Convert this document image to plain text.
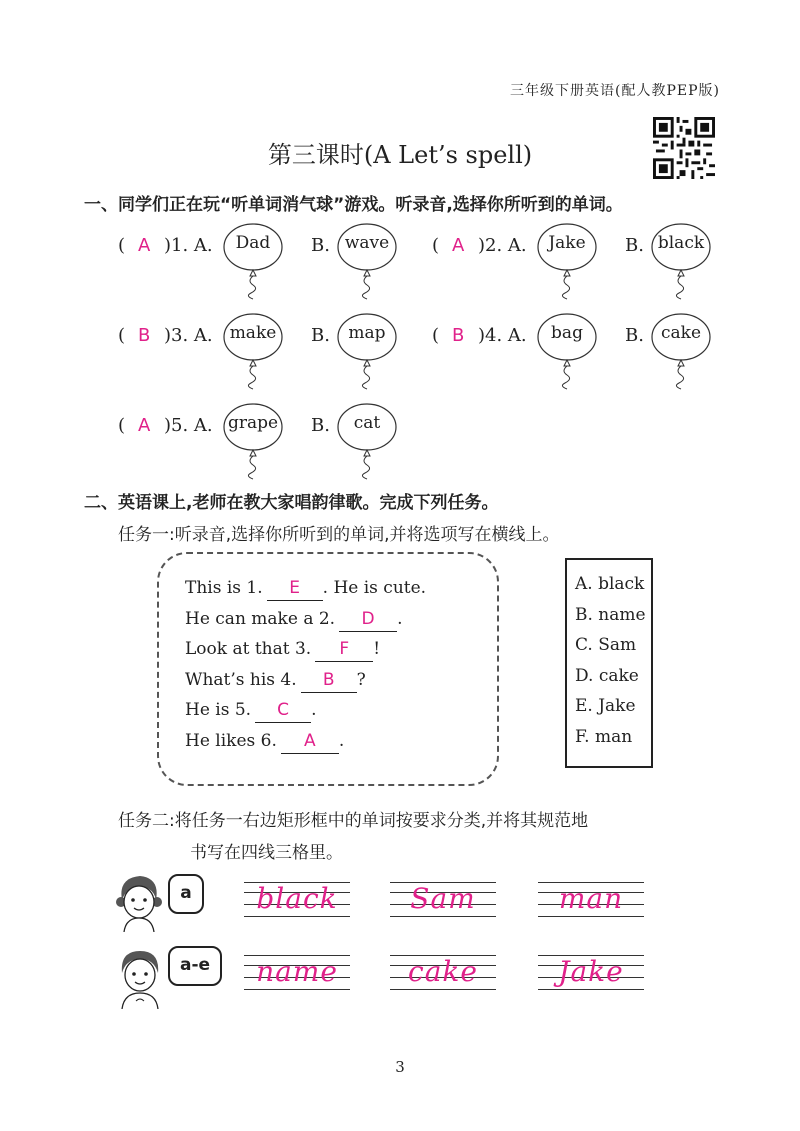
三年级下册英语(配人教PEP版)
第三课时(A Let’s spell)
一、同学们正在玩“听单词消气球”游戏。听录音,选择你所听到的单词。
( A )1. A.	B.
Dad	wave	( A )2. A.	B.
Jake	black
( B )3. A.	B.
make	map	( B )4. A.	B.
bag	cake
( A )5. A.	B.
grape	cat
二、英语课上,老师在教大家唱韵律歌。完成下列任务。
任务一:听录音,选择你所听到的单词,并将选项写在横线上。
This is 1. E . He is cute.
He can make a 2. D .
Look at that 3. F !
What’s his 4. B ?
He is 5. C .
He likes 6. A .
A. black
B. name
C. Sam
D. cake
E. Jake
F. man
任务二:将任务一右边矩形框中的单词按要求分类,并将其规范地
书写在四线三格里。
a
a-e
black	Sam	man
name	cake	Jake
3
